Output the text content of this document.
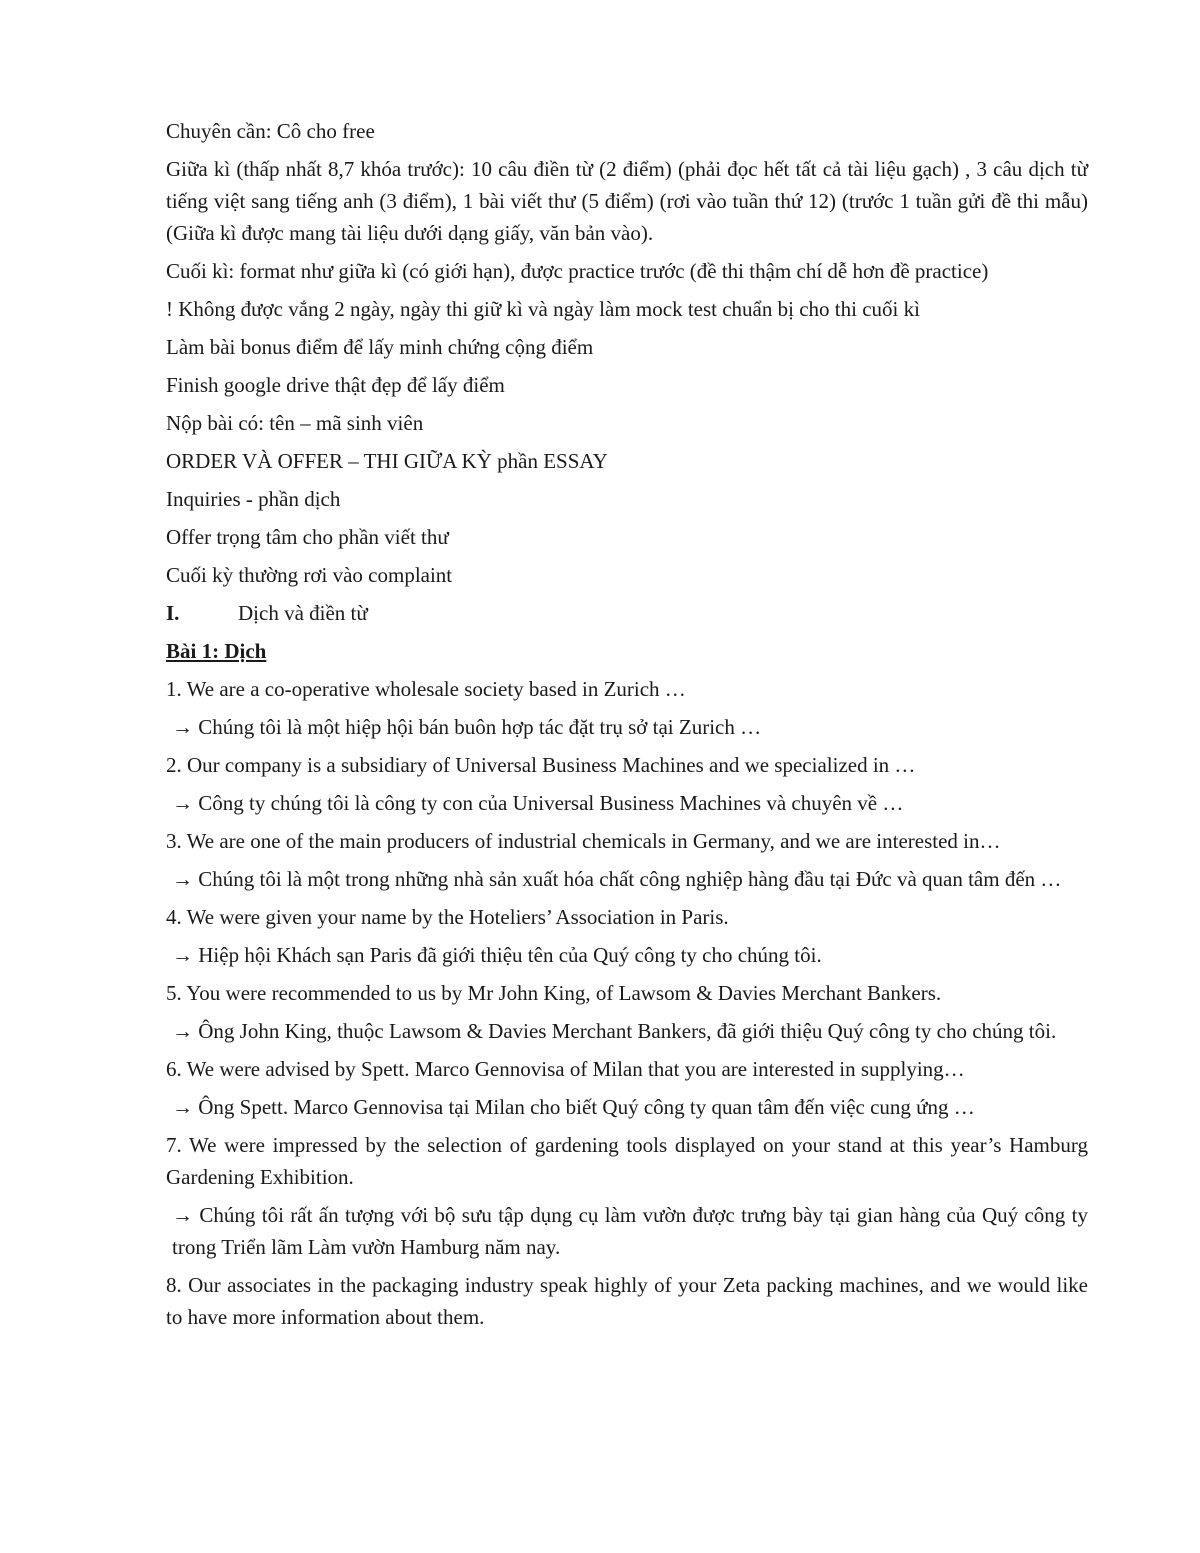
Chuyên cần: Cô cho free

Giữa kì (thấp nhất 8,7 khóa trước): 10 câu điền từ (2 điểm) (phải đọc hết tất cả tài liệu gạch) , 3 câu dịch từ tiếng việt sang tiếng anh (3 điểm), 1 bài viết thư (5 điểm) (rơi vào tuần thứ 12) (trước 1 tuần gửi đề thi mẫu) (Giữa kì được mang tài liệu dưới dạng giấy, văn bản vào).

Cuối kì: format như giữa kì (có giới hạn), được practice trước (đề thi thậm chí dễ hơn đề practice)

! Không được vắng 2 ngày, ngày thi giữ kì và ngày làm mock test chuẩn bị cho thi cuối kì

Làm bài bonus điểm để lấy minh chứng cộng điểm

Finish google drive thật đẹp để lấy điểm

Nộp bài có: tên – mã sinh viên

ORDER VÀ OFFER – THI GIỮA KỲ phần ESSAY

Inquiries - phần dịch

Offer trọng tâm cho phần viết thư

Cuối kỳ thường rơi vào complaint

I.	Dịch và điền từ

Bài 1: Dịch

1. We are a co-operative wholesale society based in Zurich …

→ Chúng tôi là một hiệp hội bán buôn hợp tác đặt trụ sở tại Zurich …

2. Our company is a subsidiary of Universal Business Machines and we specialized in …

→ Công ty chúng tôi là công ty con của Universal Business Machines và chuyên về …

3. We are one of the main producers of industrial chemicals in Germany, and we are interested in…

→ Chúng tôi là một trong những nhà sản xuất hóa chất công nghiệp hàng đầu tại Đức và quan tâm đến …

4. We were given your name by the Hoteliers’ Association in Paris.

→ Hiệp hội Khách sạn Paris đã giới thiệu tên của Quý công ty cho chúng tôi.

5. You were recommended to us by Mr John King, of Lawsom & Davies Merchant Bankers.

→ Ông John King, thuộc Lawsom & Davies Merchant Bankers, đã giới thiệu Quý công ty cho chúng tôi.

6. We were advised by Spett. Marco Gennovisa of Milan that you are interested in supplying…

→ Ông Spett. Marco Gennovisa tại Milan cho biết Quý công ty quan tâm đến việc cung ứng …

7. We were impressed by the selection of gardening tools displayed on your stand at this year’s Hamburg Gardening Exhibition.

→ Chúng tôi rất ấn tượng với bộ sưu tập dụng cụ làm vườn được trưng bày tại gian hàng của Quý công ty trong Triển lãm Làm vườn Hamburg năm nay.

8. Our associates in the packaging industry speak highly of your Zeta packing machines, and we would like to have more information about them.
